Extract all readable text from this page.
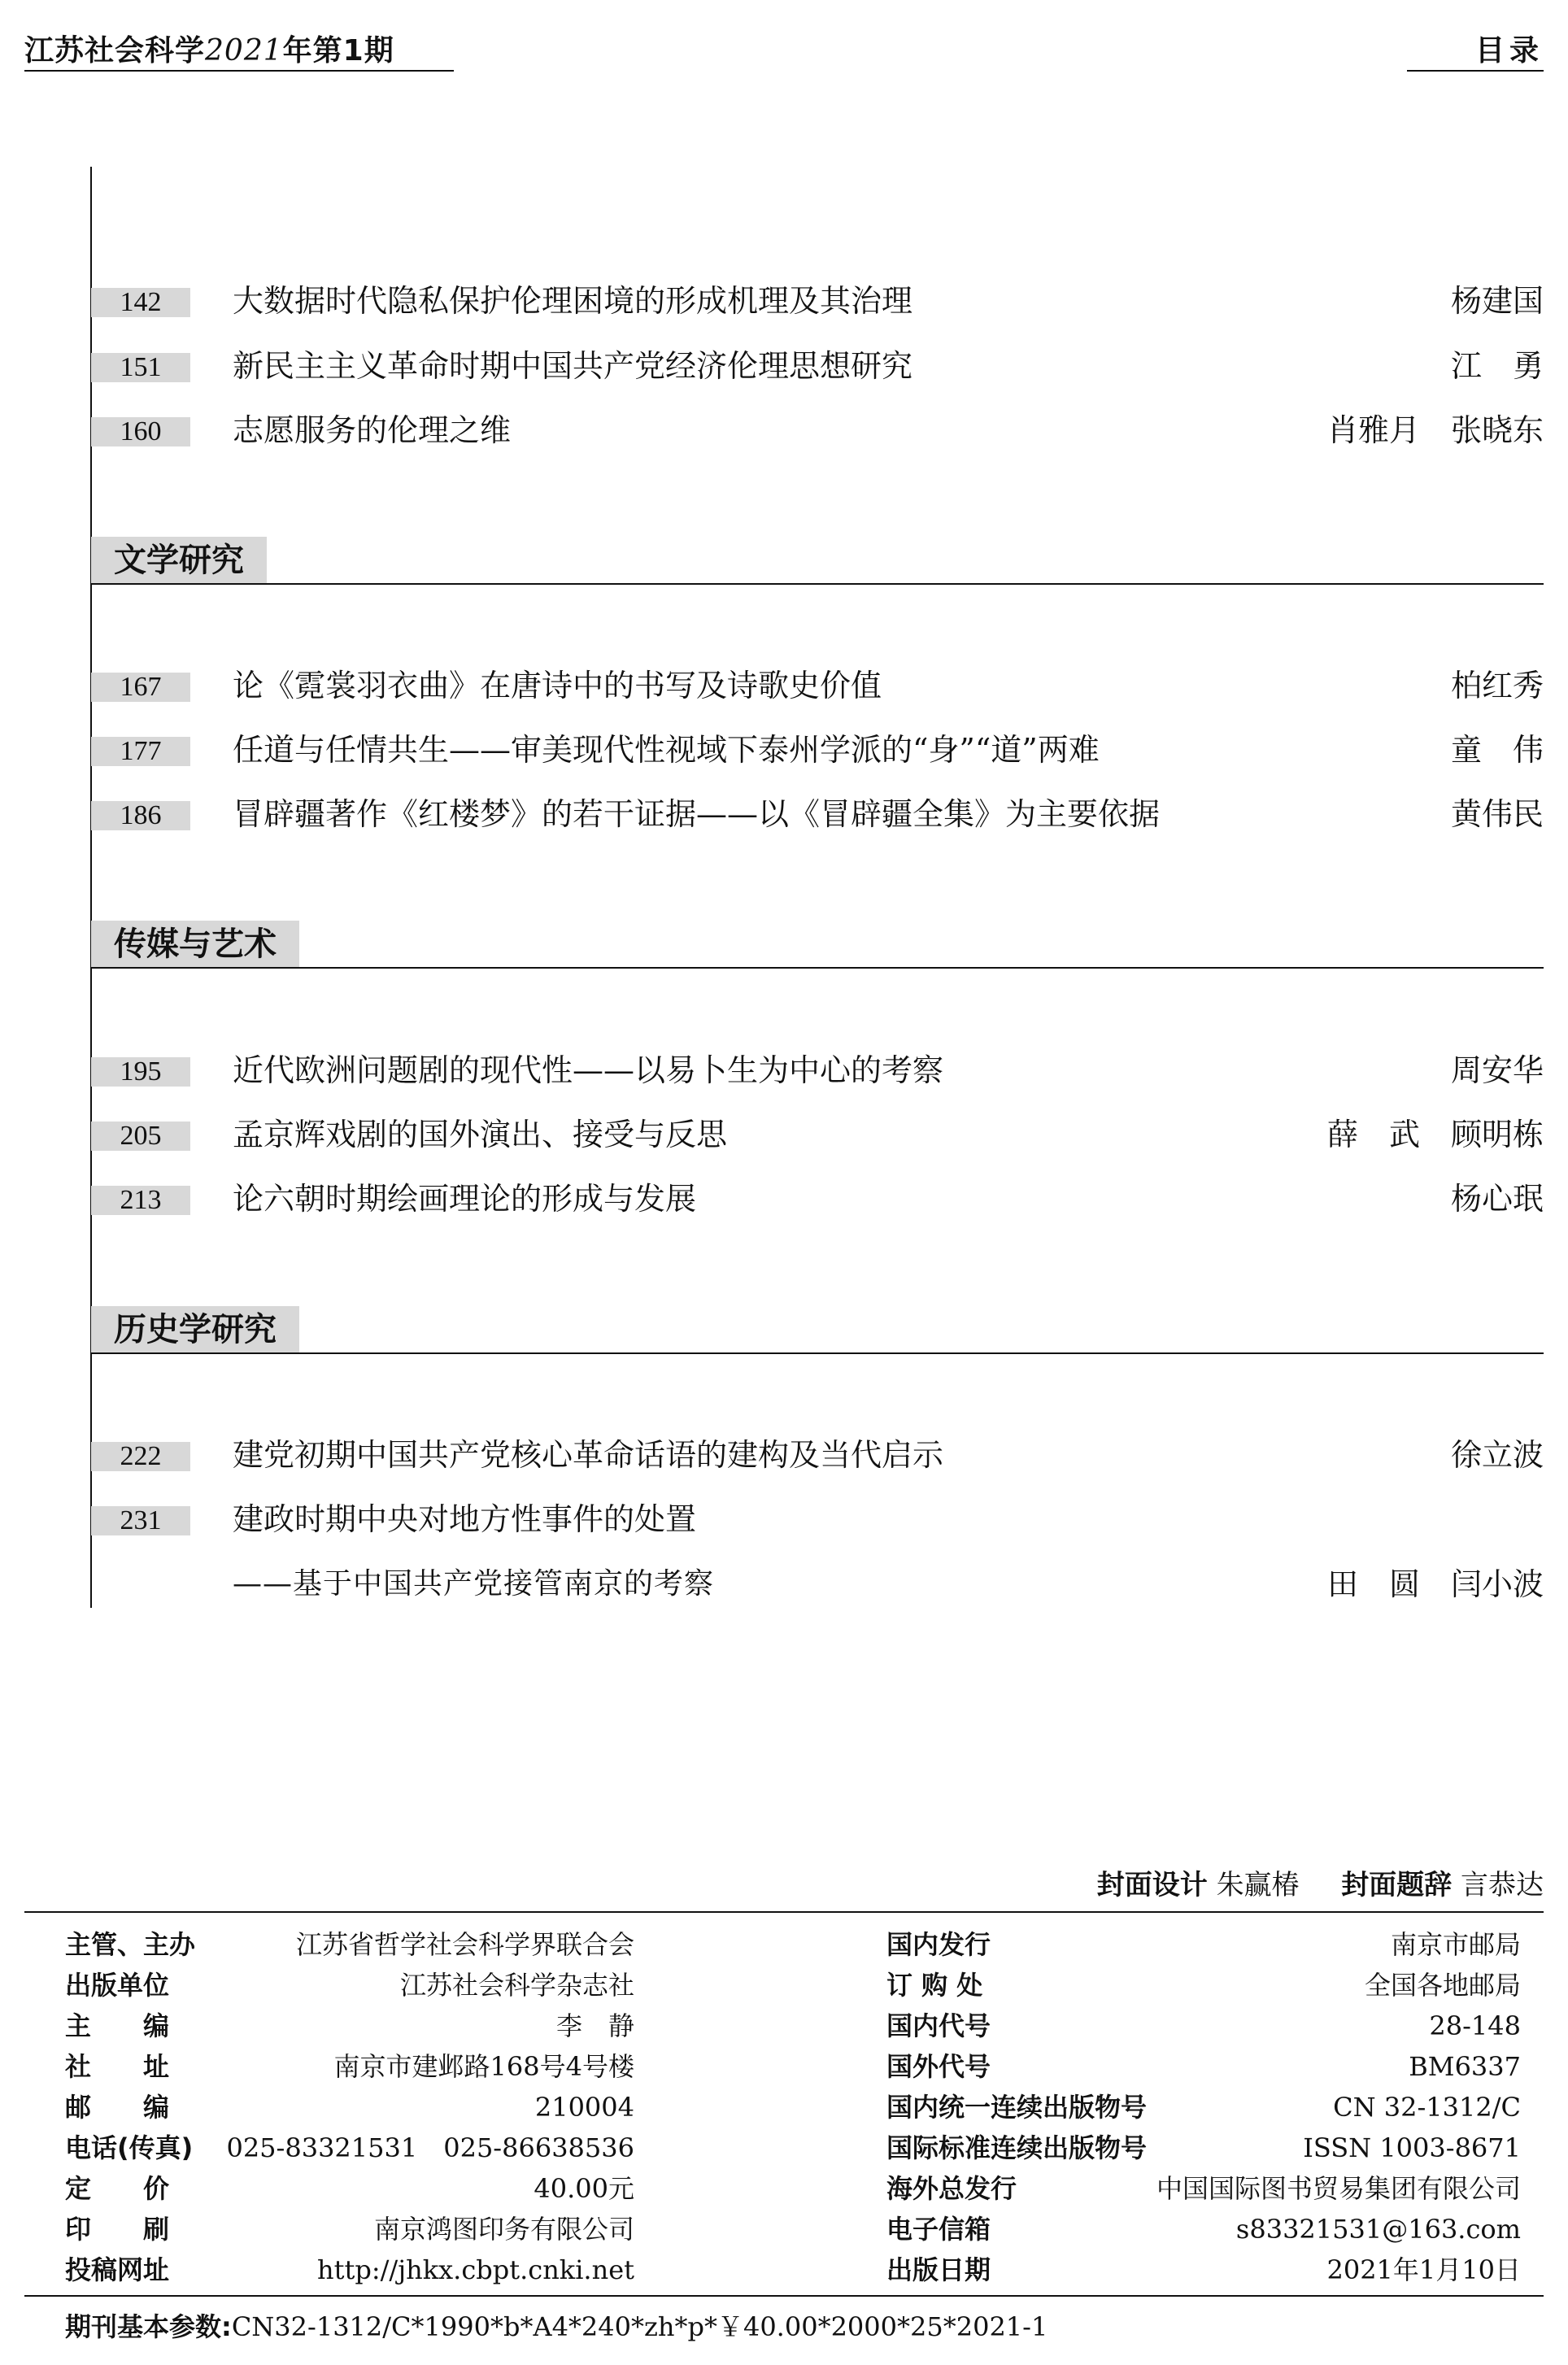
江苏社会科学2021年第1期	目录
142	大数据时代隐私保护伦理困境的形成机理及其治理	杨建国
151	新民主主义革命时期中国共产党经济伦理思想研究	江　勇
160	志愿服务的伦理之维	肖雅月　张晓东
文学研究
167	论《霓裳羽衣曲》在唐诗中的书写及诗歌史价值	柏红秀
177	任道与任情共生——审美现代性视域下泰州学派的“身”“道”两难	童　伟
186	冒辟疆著作《红楼梦》的若干证据——以《冒辟疆全集》为主要依据	黄伟民
传媒与艺术
195	近代欧洲问题剧的现代性——以易卜生为中心的考察	周安华
205	孟京辉戏剧的国外演出、接受与反思	薛　武　顾明栋
213	论六朝时期绘画理论的形成与发展	杨心珉
历史学研究
222	建党初期中国共产党核心革命话语的建构及当代启示	徐立波
231	建政时期中央对地方性事件的处置
——基于中国共产党接管南京的考察	田　圆　闫小波
封面设计 朱赢椿 封面题辞 言恭达
主管、主办	江苏省哲学社会科学界联合会
出版单位	江苏社会科学杂志社
主　　编	李　静
社　　址	南京市建邺路168号4号楼
邮　　编	210004
电话(传真) 025-83321531　025-86638536
定　　价	40.00元
印　　刷	南京鸿图印务有限公司
投稿网址	http://jhkx.cbpt.cnki.net
国内发行	南京市邮局
订 购 处	全国各地邮局
国内代号	28-148
国外代号	BM6337
国内统一连续出版物号	CN 32-1312/C
国际标准连续出版物号	ISSN 1003-8671
海外总发行	中国国际图书贸易集团有限公司
电子信箱	s83321531@163.com
出版日期	2021年1月10日
期刊基本参数:CN32-1312/C*1990*b*A4*240*zh*p*￥40.00*2000*25*2021-1
